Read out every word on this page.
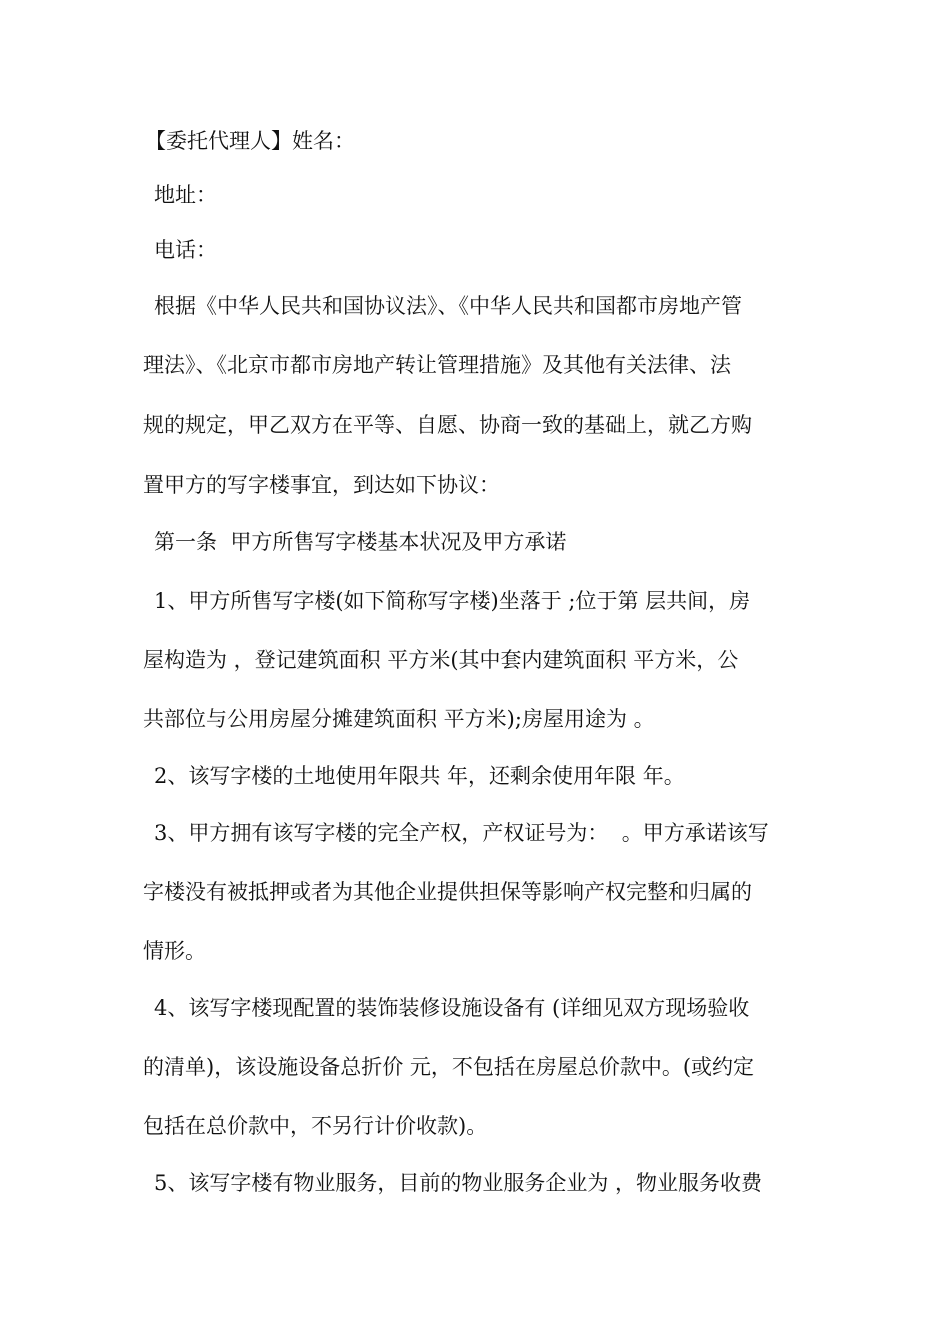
【委托代理人】姓名：
地址：
电话：
根据《中华人民共和国协议法》、《中华人民共和国都市房地产管
理法》、《北京市都市房地产转让管理措施》及其他有关法律、法
规的规定，甲乙双方在平等、自愿、协商一致的基础上，就乙方购
置甲方的写字楼事宜，到达如下协议：
第一条  甲方所售写字楼基本状况及甲方承诺
1、甲方所售写字楼(如下简称写字楼)坐落于 ;位于第 层共间，房
屋构造为 ，登记建筑面积 平方米(其中套内建筑面积 平方米，公
共部位与公用房屋分摊建筑面积 平方米);房屋用途为 。
2、该写字楼的土地使用年限共 年，还剩余使用年限 年。
3、甲方拥有该写字楼的完全产权，产权证号为：  。甲方承诺该写
字楼没有被抵押或者为其他企业提供担保等影响产权完整和归属的
情形。
4、该写字楼现配置的装饰装修设施设备有 (详细见双方现场验收
的清单)，该设施设备总折价 元，不包括在房屋总价款中。(或约定
包括在总价款中，不另行计价收款)。
5、该写字楼有物业服务，目前的物业服务企业为 ，物业服务收费
